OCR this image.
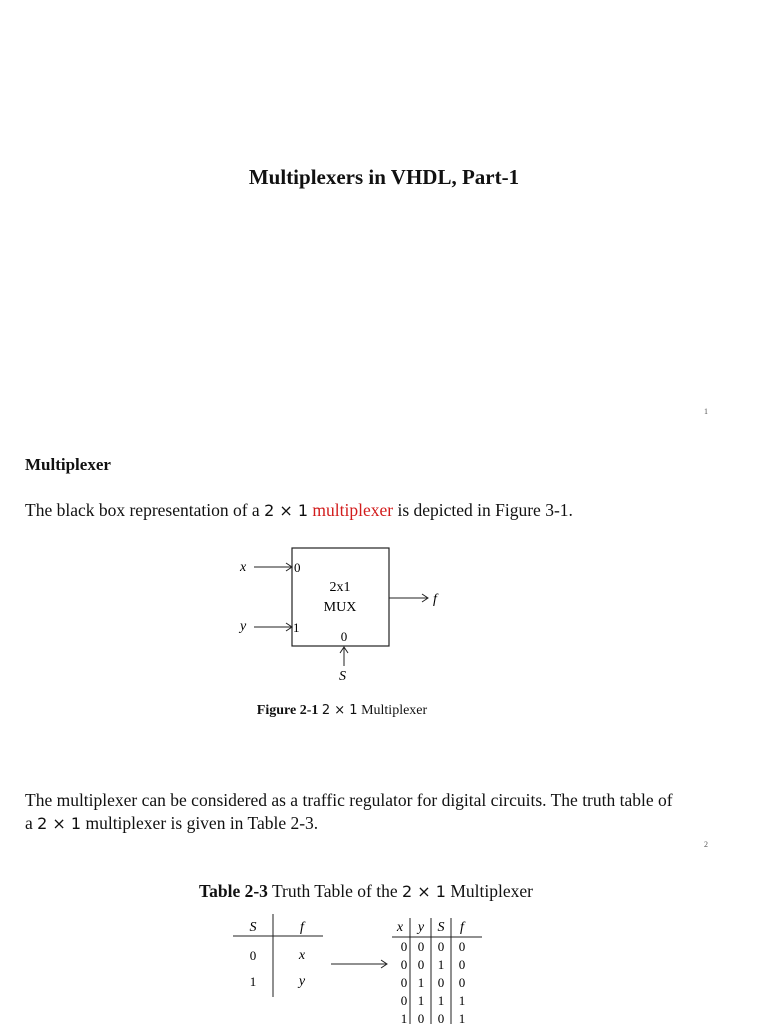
Multiplexers in VHDL, Part-1
1
Multiplexer
The black box representation of a 2 × 1 multiplexer is depicted in Figure 3-1.
x	0
y	1
2x1
MUX
0
f
S
Figure 2-1 2 × 1 Multiplexer
The multiplexer can be considered as a traffic regulator for digital circuits. The truth table of
a 2 × 1 multiplexer is given in Table 2-3.
2
Table 2-3 Truth Table of the 2 × 1 Multiplexer
S	f
0	x
1	y
x y S f
0 0 0 0
0 0 1 0
0 1 0 0
0 1 1 1
1 0 0 1
